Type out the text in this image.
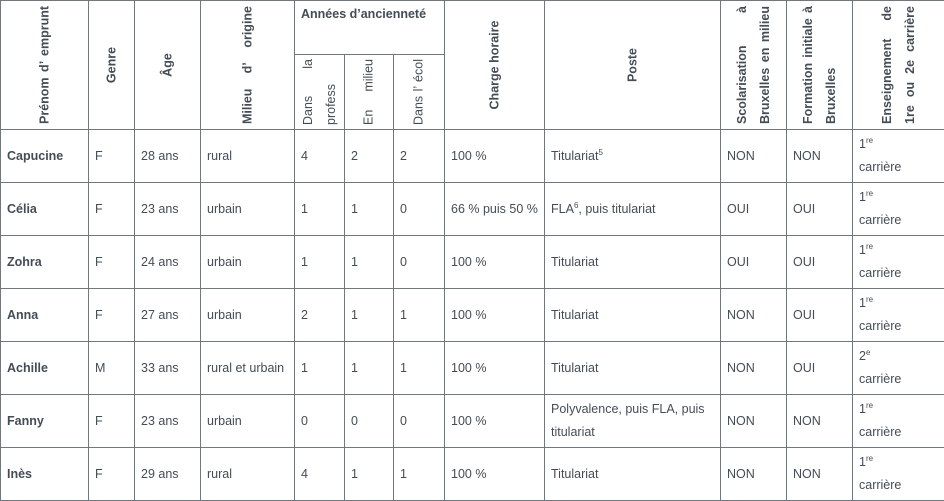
Prénom d’ emprunt	Genre	Âge	Milieu d’ origine	Années d’ancienneté			Charge horaire	Poste	Scolarisation à Bruxelles en milieu	Formation initiale à Bruxelles	Enseignement de 1re ou 2e carrière

				Dans la profess	En milieu	Dans l’ écol					

Capucine	F	28 ans	rural	4	2	2	100 %	Titulariat$^5$	NON	NON	1re
carrière
Célia	F	23 ans	urbain	1	1	0	66 % puis 50 %	FLA$^6$, puis titulariat	OUI	OUI	1re
carrière
Zohra	F	24 ans	urbain	1	1	0	100 %	Titulariat	OUI	OUI	1re
carrière
Anna	F	27 ans	urbain	2	1	1	100 %	Titulariat	NON	OUI	1re
carrière
Achille	M	33 ans	rural et urbain	1	1	1	100 %	Titulariat	NON	OUI	2e
carrière
Fanny	F	23 ans	urbain	0	0	0	100 %	Polyvalence, puis FLA, puis titulariat	NON	NON	1re
carrière
Inès	F	29 ans	rural	4	1	1	100 %	Titulariat	NON	NON	1re
carrière
